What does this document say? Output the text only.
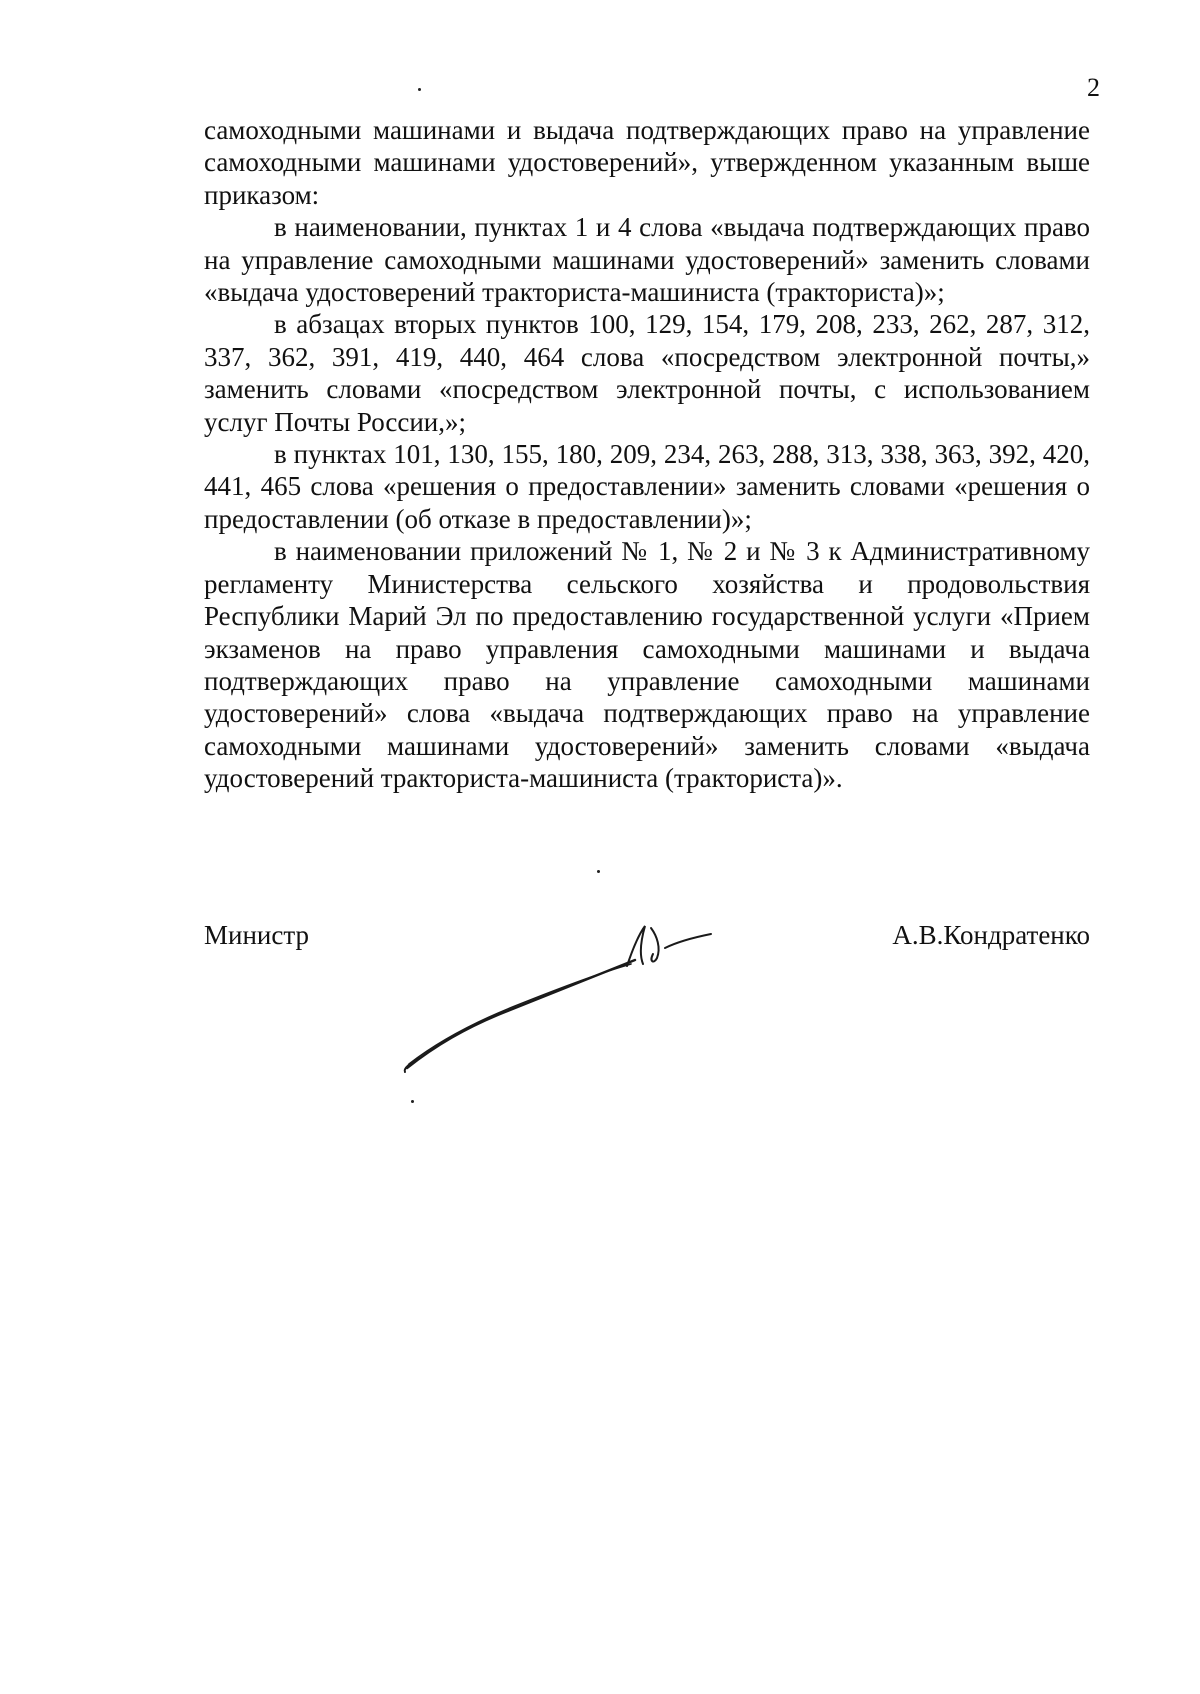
2

самоходными машинами и выдача подтверждающих право на управление самоходными машинами удостоверений», утвержденном указанным выше приказом:

в наименовании, пунктах 1 и 4 слова «выдача подтверждающих право на управление самоходными машинами удостоверений» заменить словами «выдача удостоверений тракториста-машиниста (тракториста)»;

в абзацах вторых пунктов 100, 129, 154, 179, 208, 233, 262, 287, 312, 337, 362, 391, 419, 440, 464 слова «посредством электронной почты,» заменить словами «посредством электронной почты, с использованием услуг Почты России,»;

в пунктах 101, 130, 155, 180, 209, 234, 263, 288, 313, 338, 363, 392, 420, 441, 465 слова «решения о предоставлении» заменить словами «решения о предоставлении (об отказе в предоставлении)»;

в наименовании приложений № 1, № 2 и № 3 к Административному регламенту Министерства сельского хозяйства и продовольствия Республики Марий Эл по предоставлению государственной услуги «Прием экзаменов на право управления самоходными машинами и выдача подтверждающих право на управление самоходными машинами удостоверений» слова «выдача подтверждающих право на управление самоходными машинами удостоверений» заменить словами «выдача удостоверений тракториста-машиниста (тракториста)».

Министр	А.В.Кондратенко
